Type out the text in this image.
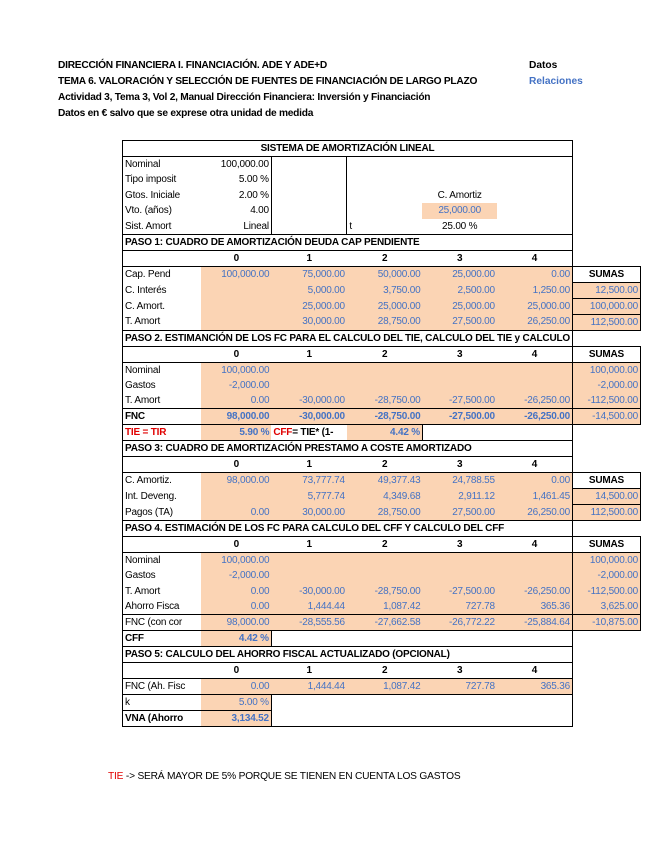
DIRECCIÓN FINANCIERA I. FINANCIACIÓN. ADE Y ADE+D
TEMA 6. VALORACIÓN Y SELECCIÓN DE FUENTES DE FINANCIACIÓN DE LARGO PLAZO
Actividad 3, Tema 3, Vol 2, Manual Dirección Financiera: Inversión y Financiación
Datos en € salvo que se exprese otra unidad de medida
Datos
Relaciones
SISTEMA DE AMORTIZACIÓN LINEAL						
Nominal	100,000.00					
Tipo imposit	5.00 %					
Gtos. Iniciale	2.00 %			C. Amortiz		
Vto. (años)	4.00			25,000.00		
Sist. Amort	Lineal		t	25.00 %		
PASO 1: CUADRO DE AMORTIZACIÓN DEUDA CAP PENDIENTE						
	0	1	2	3	4	
Cap. Pend	100,000.00	75,000.00	50,000.00	25,000.00	0.00	SUMAS
C. Interés		5,000.00	3,750.00	2,500.00	1,250.00	12,500.00
C. Amort.		25,000.00	25,000.00	25,000.00	25,000.00	100,000.00
T. Amort		30,000.00	28,750.00	27,500.00	26,250.00	112,500.00
PASO 2. ESTIMANCIÓN DE LOS FC PARA EL CALCULO DEL TIE, CALCULO DEL TIE y CALCULO						
	0	1	2	3	4	SUMAS
Nominal	100,000.00					100,000.00
Gastos	-2,000.00					-2,000.00
T. Amort	0.00	-30,000.00	-28,750.00	-27,500.00	-26,250.00	-112,500.00
FNC	98,000.00	-30,000.00	-28,750.00	-27,500.00	-26,250.00	-14,500.00
TIE = TIR	5.90 %	CFF= TIE* (1-	4.42 %			
PASO 3: CUADRO DE AMORTIZACIÓN PRESTAMO A COSTE AMORTIZADO						
	0	1	2	3	4	
C. Amortiz.	98,000.00	73,777.74	49,377.43	24,788.55	0.00	SUMAS
Int. Deveng.		5,777.74	4,349.68	2,911.12	1,461.45	14,500.00
Pagos (TA)	0.00	30,000.00	28,750.00	27,500.00	26,250.00	112,500.00
PASO 4. ESTIMACIÓN DE LOS FC PARA CALCULO DEL CFF Y CALCULO DEL CFF						
	0	1	2	3	4	SUMAS
Nominal	100,000.00					100,000.00
Gastos	-2,000.00					-2,000.00
T. Amort	0.00	-30,000.00	-28,750.00	-27,500.00	-26,250.00	-112,500.00
Ahorro Fisca	0.00	1,444.44	1,087.42	727.78	365.36	3,625.00
FNC (con cor	98,000.00	-28,555.56	-27,662.58	-26,772.22	-25,884.64	-10,875.00
CFF	4.42 %					
PASO 5: CALCULO DEL AHORRO FISCAL ACTUALIZADO (OPCIONAL)						
	0	1	2	3	4	
FNC (Ah. Fisc	0.00	1,444.44	1,087.42	727.78	365.36	
k	5.00 %					
VNA (Ahorro	3,134.52					
TIE -> SERÁ MAYOR DE 5% PORQUE SE TIENEN EN CUENTA LOS GASTOS
